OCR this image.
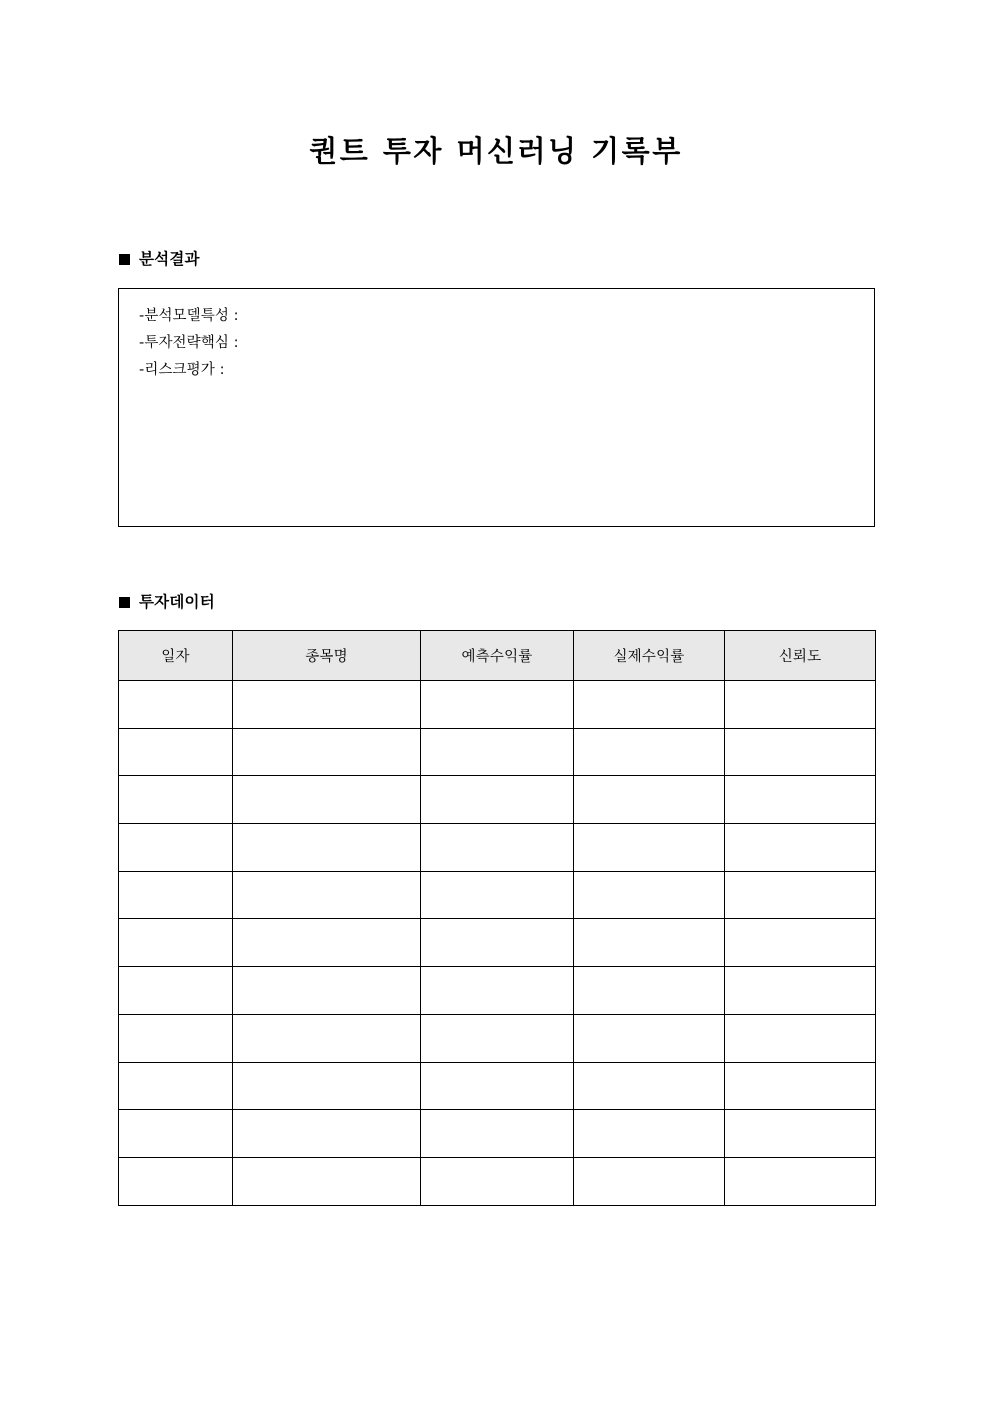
퀀트 투자 머신러닝 기록부
분석결과
-분석모델특성 :
-투자전략핵심 :
-리스크평가 :
투자데이터
일자	종목명	예측수익률	실제수익률	신뢰도
